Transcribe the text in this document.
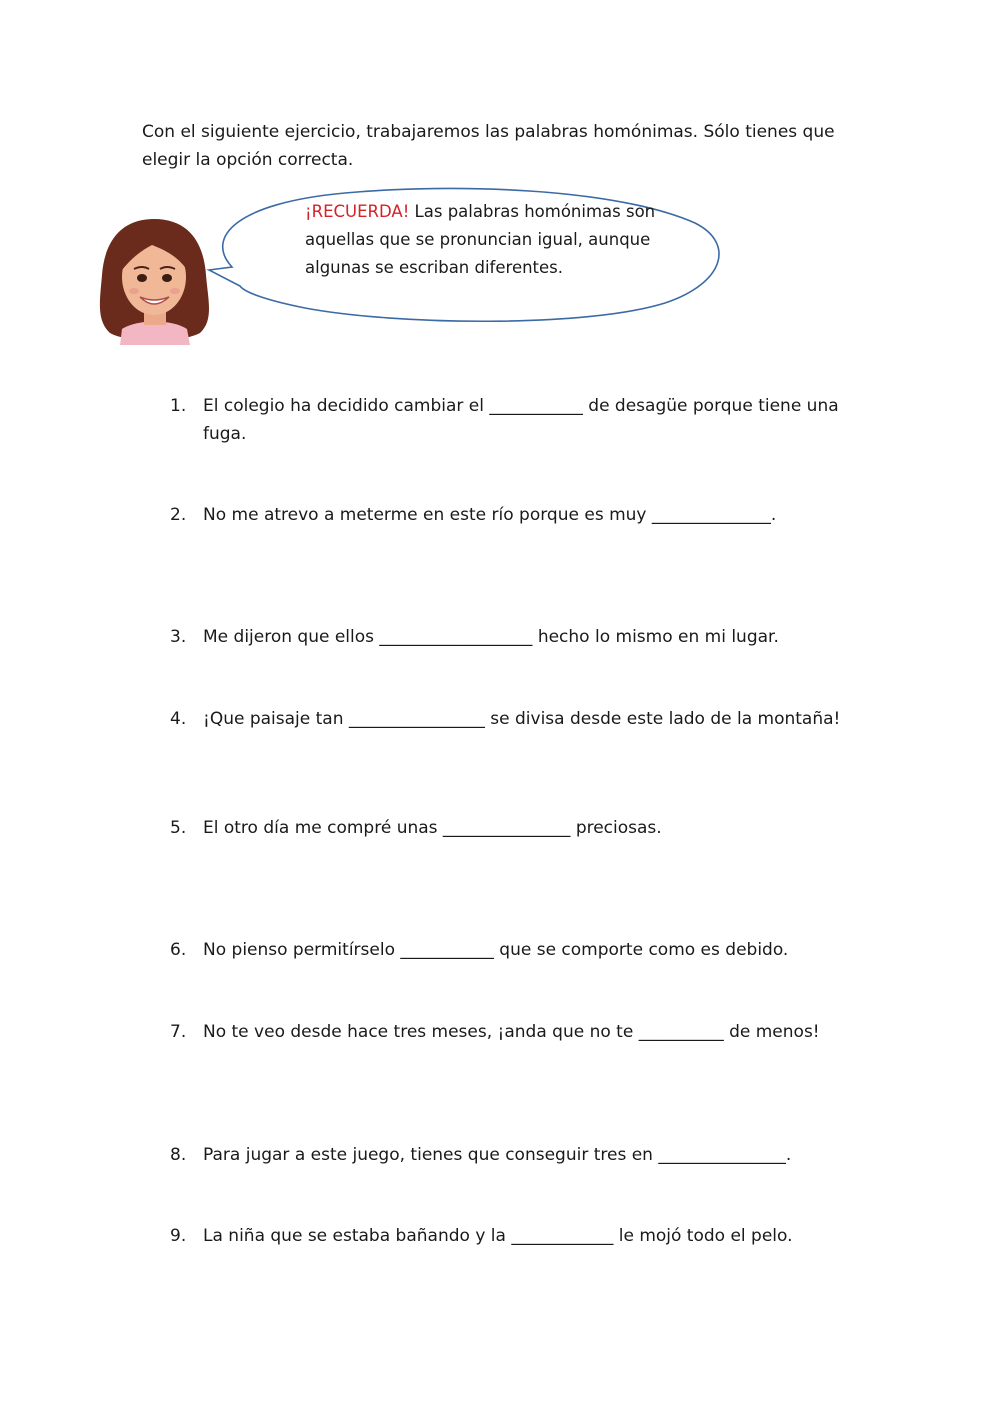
Con el siguiente ejercicio, trabajaremos las palabras homónimas. Sólo tienes que elegir la opción correcta.
¡RECUERDA! Las palabras homónimas son aquellas que se pronuncian igual, aunque algunas se escriban diferentes.
1. El colegio ha decidido cambiar el ___________ de desagüe porque tiene una fuga.
2. No me atrevo a meterme en este río porque es muy ______________.
3. Me dijeron que ellos __________________ hecho lo mismo en mi lugar.
4. ¡Que paisaje tan ________________ se divisa desde este lado de la montaña!
5. El otro día me compré unas _______________ preciosas.
6. No pienso permitírselo ___________ que se comporte como es debido.
7. No te veo desde hace tres meses, ¡anda que no te __________ de menos!
8. Para jugar a este juego, tienes que conseguir tres en _______________.
9. La niña que se estaba bañando y la ____________ le mojó todo el pelo.
